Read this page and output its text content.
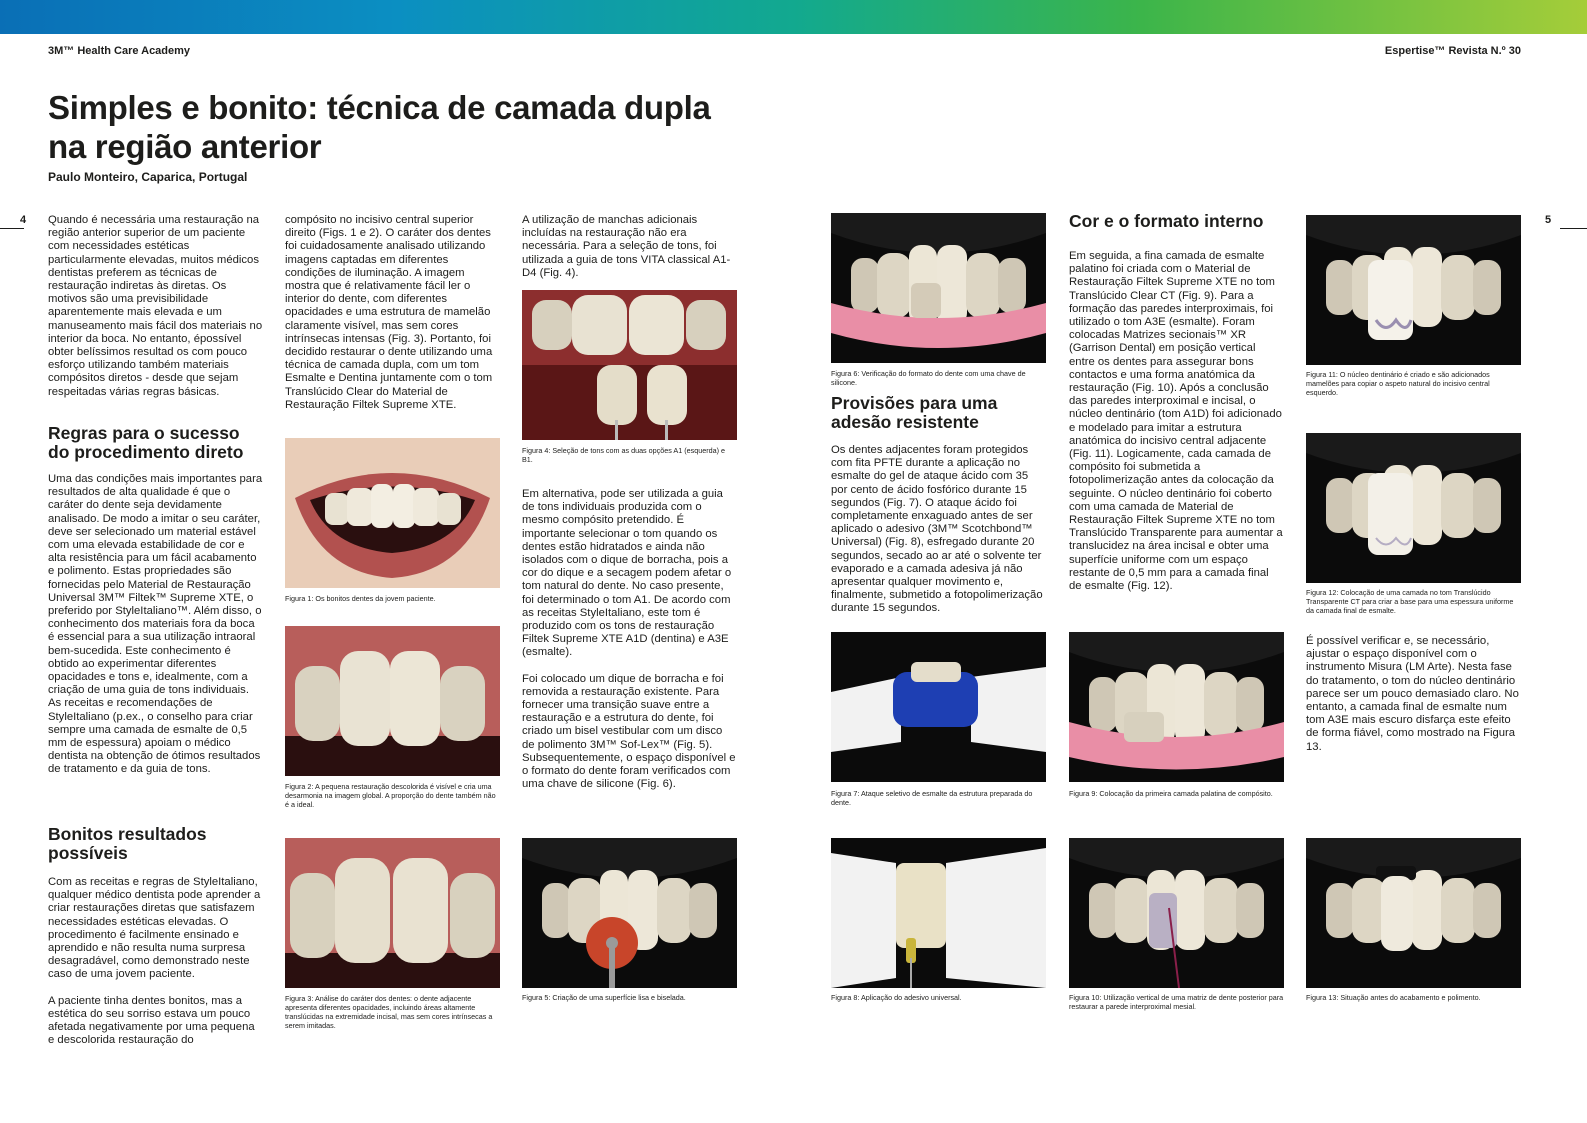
3M™ Health Care Academy	Espertise™ Revista N.º 30
Simples e bonito: técnica de camada dupla
na região anterior
Paulo Monteiro, Caparica, Portugal
4	5

Quando é necessária uma restauração na região anterior superior de um paciente com necessidades estéticas particularmente elevadas, muitos médicos dentistas preferem as técnicas de restauração indiretas às diretas. Os motivos são uma previsibilidade aparentemente mais elevada e um manuseamento mais fácil dos materiais no interior da boca. No entanto, épossível obter belíssimos resultad os com pouco esforço utilizando também materiais compósitos diretos - desde que sejam respeitadas várias regras básicas.

Regras para o sucesso do procedimento direto

Uma das condições mais importantes para resultados de alta qualidade é que o caráter do dente seja devidamente analisado. De modo a imitar o seu caráter, deve ser selecionado um material estável com uma elevada estabilidade de cor e alta resistência para um fácil acabamento e polimento. Estas propriedades são fornecidas pelo Material de Restauração Universal 3M™ Filtek™ Supreme XTE, o preferido por StyleItaliano™. Além disso, o conhecimento dos materiais fora da boca é essencial para a sua utilização intraoral bem-sucedida. Este conhecimento é obtido ao experimentar diferentes opacidades e tons e, idealmente, com a criação de uma guia de tons individuais. As receitas e recomendações de StyleItaliano (p.ex., o conselho para criar sempre uma camada de esmalte de 0,5 mm de espessura) apoiam o médico dentista na obtenção de ótimos resultados de tratamento e da guia de tons.

Bonitos resultados possíveis

Com as receitas e regras de StyleItaliano, qualquer médico dentista pode aprender a criar restaurações diretas que satisfazem necessidades estéticas elevadas. O procedimento é facilmente ensinado e aprendido e não resulta numa surpresa desagradável, como demonstrado neste caso de uma jovem paciente.

A paciente tinha dentes bonitos, mas a estética do seu sorriso estava um pouco afetada negativamente por uma pequena e descolorida restauração do

compósito no incisivo central superior direito (Figs. 1 e 2). O caráter dos dentes foi cuidadosamente analisado utilizando imagens captadas em diferentes condições de iluminação. A imagem mostra que é relativamente fácil ler o interior do dente, com diferentes opacidades e uma estrutura de mamelão claramente visível, mas sem cores intrínsecas intensas (Fig. 3). Portanto, foi decidido restaurar o dente utilizando uma técnica de camada dupla, com um tom Esmalte e Dentina juntamente com o tom Translúcido Clear do Material de Restauração Filtek Supreme XTE.

Figura 1: Os bonitos dentes da jovem paciente.
Figura 2: A pequena restauração descolorida é visível e cria uma desarmonia na imagem global. A proporção do dente também não é a ideal.
Figura 3: Análise do caráter dos dentes: o dente adjacente apresenta diferentes opacidades, incluindo áreas altamente translúcidas na extremidade incisal, mas sem cores intrínsecas a serem imitadas.

A utilização de manchas adicionais incluídas na restauração não era necessária. Para a seleção de tons, foi utilizada a guia de tons VITA classical A1-D4 (Fig. 4).

Figura 4: Seleção de tons com as duas opções A1 (esquerda) e B1.

Em alternativa, pode ser utilizada a guia de tons individuais produzida com o mesmo compósito pretendido. É importante selecionar o tom quando os dentes estão hidratados e ainda não isolados com o dique de borracha, pois a cor do dique e a secagem podem afetar o tom natural do dente. No caso presente, foi determinado o tom A1. De acordo com as receitas StyleItaliano, este tom é produzido com os tons de restauração Filtek Supreme XTE A1D (dentina) e A3E (esmalte).

Foi colocado um dique de borracha e foi removida a restauração existente. Para fornecer uma transição suave entre a restauração e a estrutura do dente, foi criado um bisel vestibular com um disco de polimento 3M™ Sof-Lex™ (Fig. 5). Subsequentemente, o espaço disponível e o formato do dente foram verificados com uma chave de silicone (Fig. 6).

Figura 5: Criação de uma superfície lisa e biselada.
Figura 6: Verificação do formato do dente com uma chave de silicone.
Provisões para uma adesão resistente

Os dentes adjacentes foram protegidos com fita PFTE durante a aplicação no esmalte do gel de ataque ácido com 35 por cento de ácido fosfórico durante 15 segundos (Fig. 7). O ataque ácido foi completamente enxaguado antes de ser aplicado o adesivo (3M™ Scotchbond™ Universal) (Fig. 8), esfregado durante 20 segundos, secado ao ar até o solvente ter evaporado e a camada adesiva já não apresentar qualquer movimento e, finalmente, submetido a fotopolimerização durante 15 segundos.

Figura 7: Ataque seletivo de esmalte da estrutura preparada do dente.
Figura 8: Aplicação do adesivo universal.
Cor e o formato interno

Em seguida, a fina camada de esmalte palatino foi criada com o Material de Restauração Filtek Supreme XTE no tom Translúcido Clear CT (Fig. 9). Para a formação das paredes interproximais, foi utilizado o tom A3E (esmalte). Foram colocadas Matrizes secionais™ XR (Garrison Dental) em posição vertical entre os dentes para assegurar bons contactos e uma forma anatómica da restauração (Fig. 10). Após a conclusão das paredes interproximal e incisal, o núcleo dentinário (tom A1D) foi adicionado e modelado para imitar a estrutura anatómica do incisivo central adjacente (Fig. 11). Logicamente, cada camada de compósito foi submetida a fotopolimerização antes da colocação da seguinte. O núcleo dentinário foi coberto com uma camada de Material de Restauração Filtek Supreme XTE no tom Translúcido Transparente para aumentar a translucidez na área incisal e obter uma superfície uniforme com um espaço restante de 0,5 mm para a camada final de esmalte (Fig. 12).

Figura 9: Colocação da primeira camada palatina de compósito.
Figura 10: Utilização vertical de uma matriz de dente posterior para restaurar a parede interproximal mesial.
Figura 11: O núcleo dentinário é criado e são adicionados mamelões para copiar o aspeto natural do incisivo central esquerdo.
Figura 12: Colocação de uma camada no tom Translúcido Transparente CT para criar a base para uma espessura uniforme da camada final de esmalte.

É possível verificar e, se necessário, ajustar o espaço disponível com o instrumento Misura (LM Arte). Nesta fase do tratamento, o tom do núcleo dentinário parece ser um pouco demasiado claro. No entanto, a camada final de esmalte num tom A3E mais escuro disfarça este efeito de forma fiável, como mostrado na Figura 13.

Figura 13: Situação antes do acabamento e polimento.
